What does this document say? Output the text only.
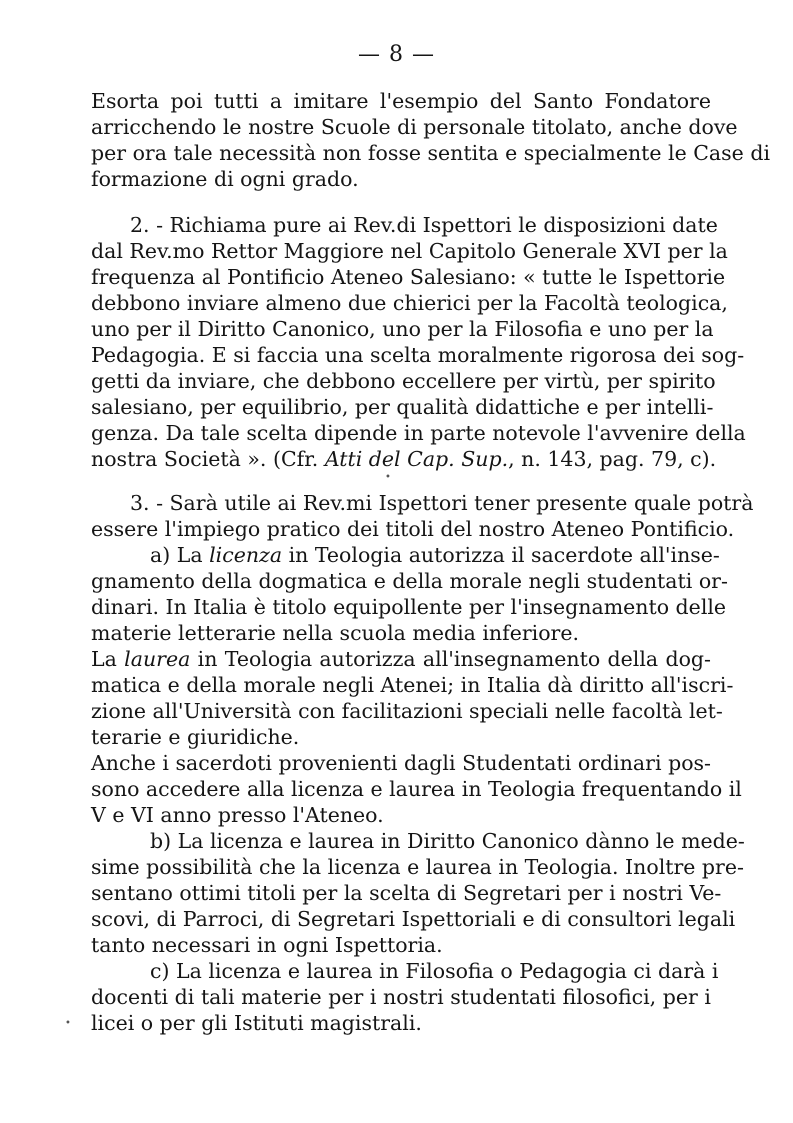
— 8 —
Esorta poi tutti a imitare l'esempio del Santo Fondatore
arricchendo le nostre Scuole di personale titolato, anche dove
per ora tale necessità non fosse sentita e specialmente le Case di
formazione di ogni grado.
2. - Richiama pure ai Rev.di Ispettori le disposizioni date
dal Rev.mo Rettor Maggiore nel Capitolo Generale XVI per la
frequenza al Pontificio Ateneo Salesiano: « tutte le Ispettorie
debbono inviare almeno due chierici per la Facoltà teologica,
uno per il Diritto Canonico, uno per la Filosofia e uno per la
Pedagogia. E si faccia una scelta moralmente rigorosa dei sog-
getti da inviare, che debbono eccellere per virtù, per spirito
salesiano, per equilibrio, per qualità didattiche e per intelli-
genza. Da tale scelta dipende in parte notevole l'avvenire della
nostra Società ». (Cfr. Atti del Cap. Sup., n. 143, pag. 79, c).
•
3. - Sarà utile ai Rev.mi Ispettori tener presente quale potrà
essere l'impiego pratico dei titoli del nostro Ateneo Pontificio.
a) La licenza in Teologia autorizza il sacerdote all'inse-
gnamento della dogmatica e della morale negli studentati or-
dinari. In Italia è titolo equipollente per l'insegnamento delle
materie letterarie nella scuola media inferiore.
La laurea in Teologia autorizza all'insegnamento della dog-
matica e della morale negli Atenei; in Italia dà diritto all'iscri-
zione all'Università con facilitazioni speciali nelle facoltà let-
terarie e giuridiche.
Anche i sacerdoti provenienti dagli Studentati ordinari pos-
sono accedere alla licenza e laurea in Teologia frequentando il
V e VI anno presso l'Ateneo.
b) La licenza e laurea in Diritto Canonico dànno le mede-
sime possibilità che la licenza e laurea in Teologia. Inoltre pre-
sentano ottimi titoli per la scelta di Segretari per i nostri Ve-
scovi, di Parroci, di Segretari Ispettoriali e di consultori legali
tanto necessari in ogni Ispettoria.
c) La licenza e laurea in Filosofia o Pedagogia ci darà i
docenti di tali materie per i nostri studentati filosofici, per i
licei o per gli Istituti magistrali.
•
